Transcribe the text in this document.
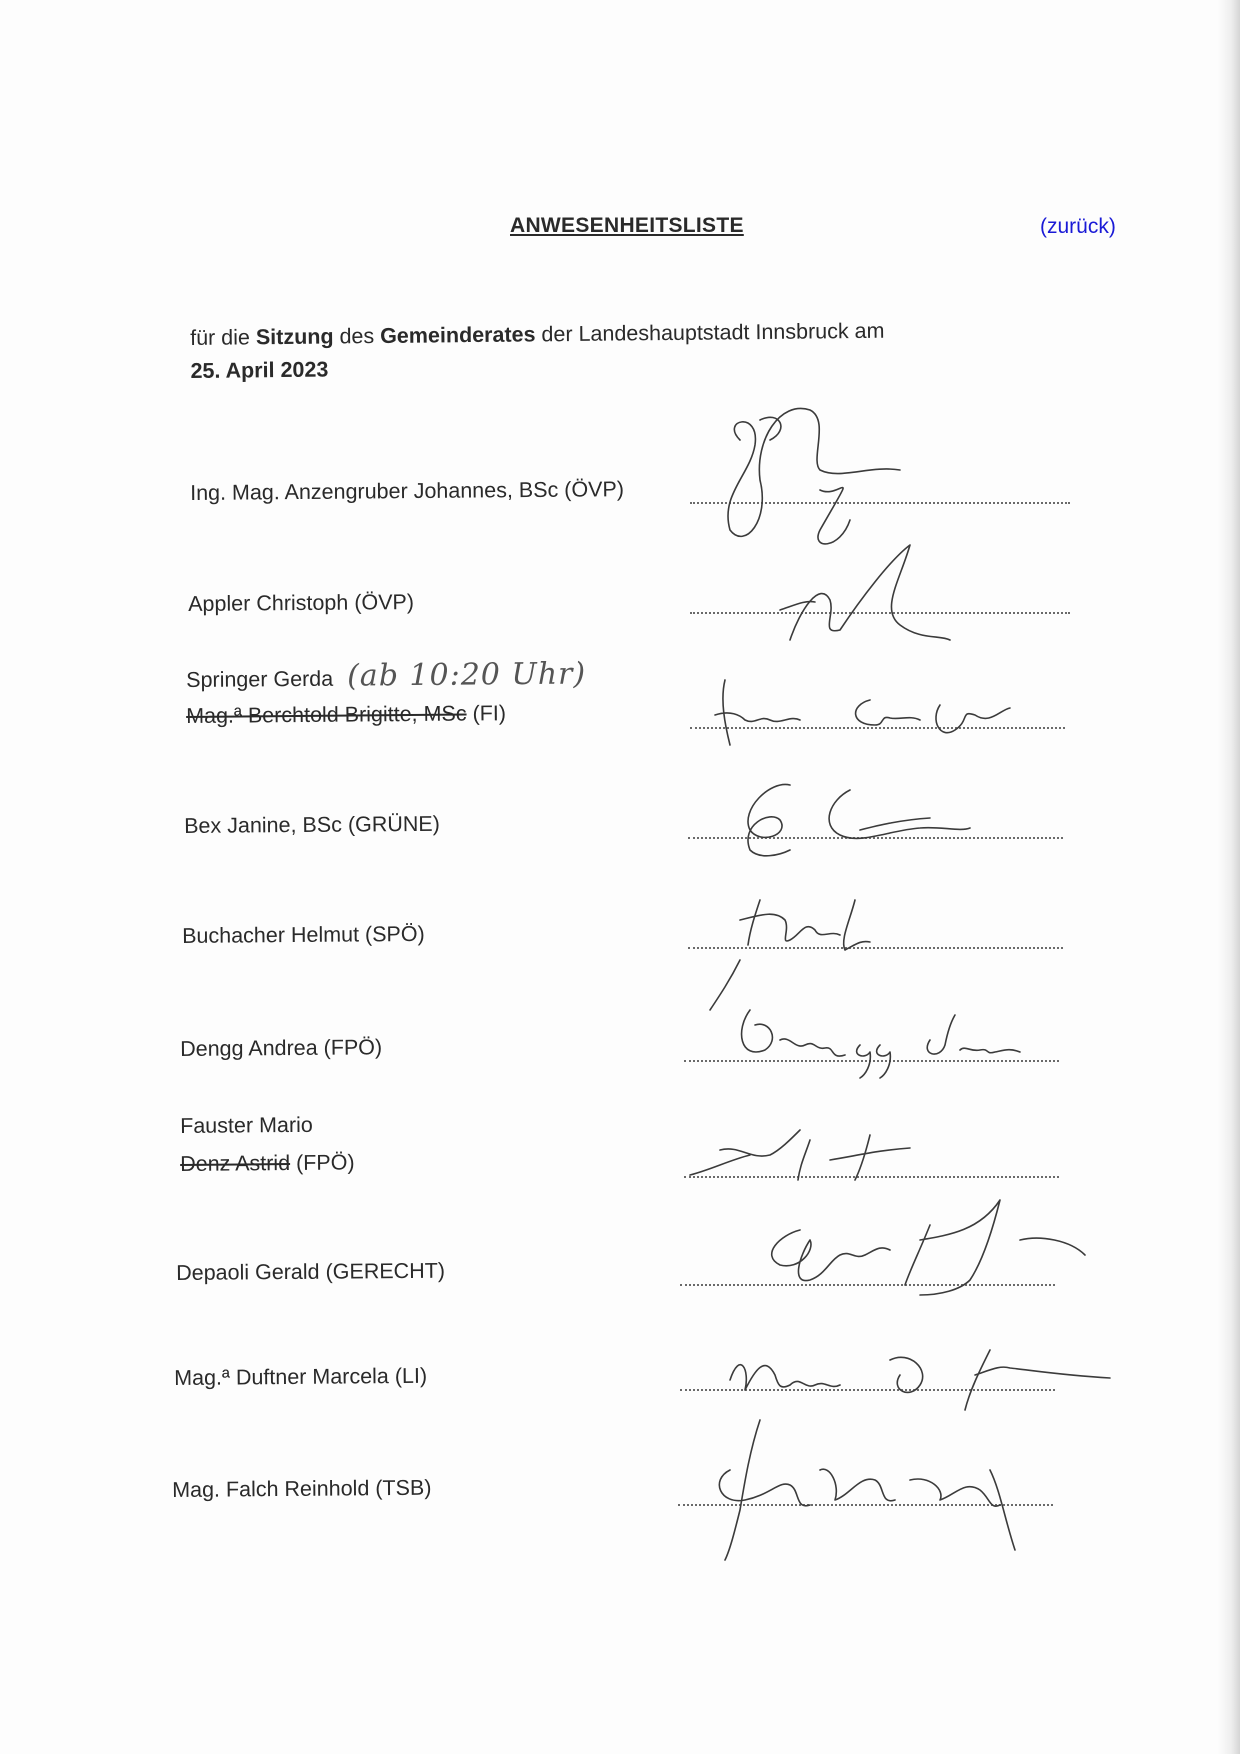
ANWESENHEITSLISTE	(zurück)
für die Sitzung des Gemeinderates der Landeshauptstadt Innsbruck am
25. April 2023
Ing. Mag. Anzengruber Johannes, BSc (ÖVP)
Appler Christoph (ÖVP)
Springer Gerda (ab 10:20 Uhr)
Mag.ª Berchtold Brigitte, MSc (FI)
Bex Janine, BSc (GRÜNE)
Buchacher Helmut (SPÖ)
Dengg Andrea (FPÖ)
Fauster Mario
Denz Astrid (FPÖ)
Depaoli Gerald (GERECHT)
Mag.ª Duftner Marcela (LI)
Mag. Falch Reinhold (TSB)
